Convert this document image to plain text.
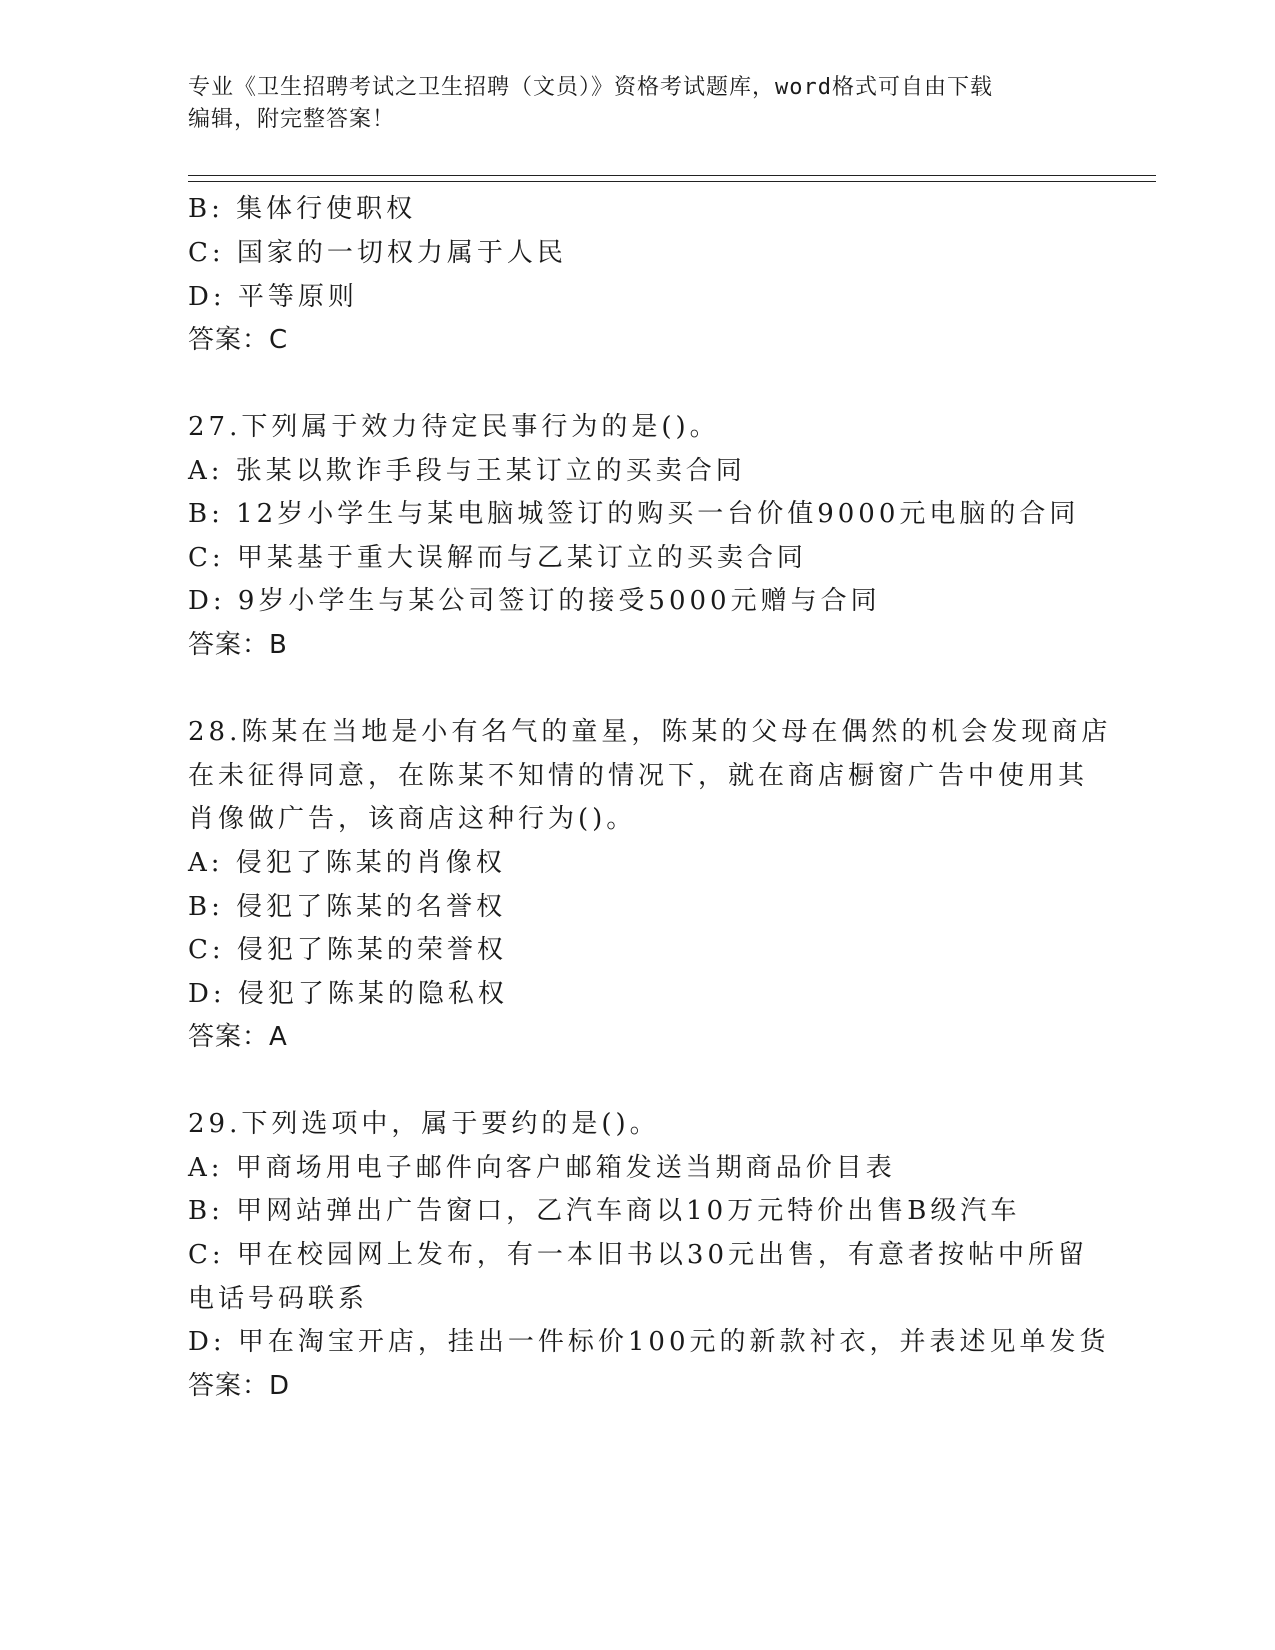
专业《卫生招聘考试之卫生招聘（文员）》资格考试题库，word格式可自由下载
编辑，附完整答案！
B: 集体行使职权
C: 国家的一切权力属于人民
D: 平等原则
答案：C
27.下列属于效力待定民事行为的是()。
A: 张某以欺诈手段与王某订立的买卖合同
B: 12岁小学生与某电脑城签订的购买一台价值9000元电脑的合同
C: 甲某基于重大误解而与乙某订立的买卖合同
D: 9岁小学生与某公司签订的接受5000元赠与合同
答案：B
28.陈某在当地是小有名气的童星，陈某的父母在偶然的机会发现商店
在未征得同意，在陈某不知情的情况下，就在商店橱窗广告中使用其
肖像做广告，该商店这种行为()。
A: 侵犯了陈某的肖像权
B: 侵犯了陈某的名誉权
C: 侵犯了陈某的荣誉权
D: 侵犯了陈某的隐私权
答案：A
29.下列选项中，属于要约的是()。
A: 甲商场用电子邮件向客户邮箱发送当期商品价目表
B: 甲网站弹出广告窗口，乙汽车商以10万元特价出售B级汽车
C: 甲在校园网上发布，有一本旧书以30元出售，有意者按帖中所留
电话号码联系
D: 甲在淘宝开店，挂出一件标价100元的新款衬衣，并表述见单发货
答案：D
